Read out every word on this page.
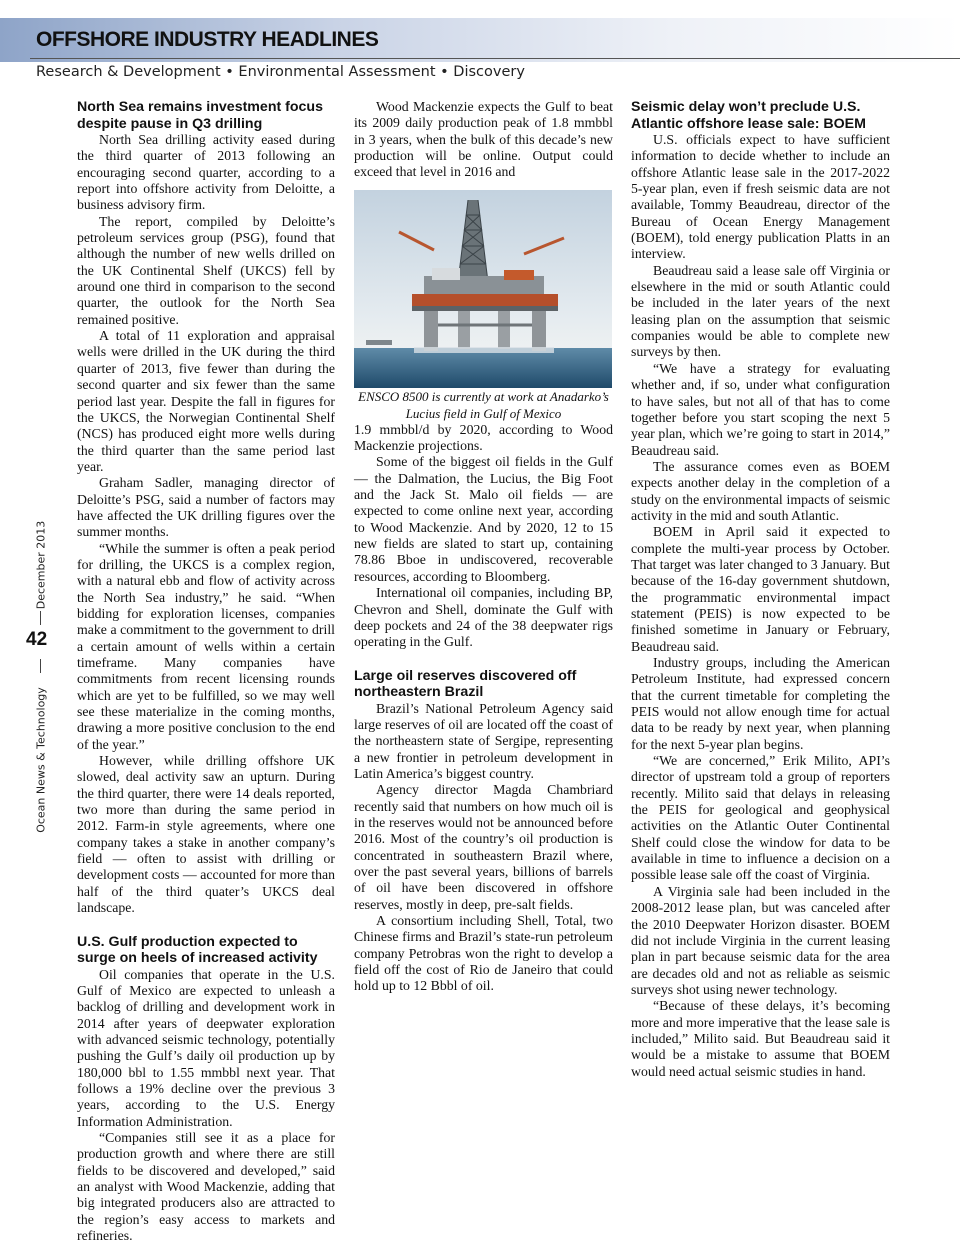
OFFSHORE INDUSTRY HEADLINES
Research & Development • Environmental Assessment • Discovery
December 2013
42
Ocean News & Technology
North Sea remains investment focus despite pause in Q3 drilling

North Sea drilling activity eased during the third quarter of 2013 following an encouraging second quarter, according to a report into offshore activity from Deloitte, a business advisory firm.

The report, compiled by Deloitte’s petroleum services group (PSG), found that although the number of new wells drilled on the UK Continental Shelf (UKCS) fell by around one third in comparison to the second quarter, the outlook for the North Sea remained positive.

A total of 11 exploration and appraisal wells were drilled in the UK during the third quarter of 2013, five fewer than during the second quarter and six fewer than the same period last year. Despite the fall in figures for the UKCS, the Norwegian Continental Shelf (NCS) has produced eight more wells during the third quarter than the same period last year.

Graham Sadler, managing director of Deloitte’s PSG, said a number of factors may have affected the UK drilling figures over the summer months.

“While the summer is often a peak period for drilling, the UKCS is a complex region, with a natural ebb and flow of activity across the North Sea industry,” he said. “When bidding for exploration licenses, companies make a commitment to the government to drill a certain amount of wells within a certain timeframe. Many companies have commitments from recent licensing rounds which are yet to be fulfilled, so we may well see these materialize in the coming months, drawing a more positive conclusion to the end of the year.”

However, while drilling offshore UK slowed, deal activity saw an upturn. During the third quarter, there were 14 deals reported, two more than during the same period in 2012. Farm-in style agreements, where one company takes a stake in another company’s field — often to assist with drilling or development costs — accounted for more than half of the third quater’s UKCS deal landscape.

U.S. Gulf production expected to surge on heels of increased activity

Oil companies that operate in the U.S. Gulf of Mexico are expected to unleash a backlog of drilling and development work in 2014 after years of deepwater exploration with advanced seismic technology, potentially pushing the Gulf’s daily oil production up by 180,000 bbl to 1.55 mmbbl next year. That follows a 19% decline over the previous 3 years, according to the U.S. Energy Information Administration.

“Companies still see it as a place for production growth and where there are still fields to be discovered and developed,” said an analyst with Wood Mackenzie, adding that big integrated producers also are attracted to the region’s easy access to markets and refineries.

Wood Mackenzie expects the Gulf to beat its 2009 daily production peak of 1.8 mmbbl in 3 years, when the bulk of this decade’s new production will be online. Output could exceed that level in 2016 and

ENSCO 8500 is currently at work at Anadarko’s Lucius field in Gulf of Mexico

1.9 mmbbl/d by 2020, according to Wood Mackenzie projections.

Some of the biggest oil fields in the Gulf — the Dalmation, the Lucius, the Big Foot and the Jack St. Malo oil fields — are expected to come online next year, according to Wood Mackenzie. And by 2020, 12 to 15 new fields are slated to start up, containing 78.86 Bboe in undiscovered, recoverable resources, according to Bloomberg.

International oil companies, including BP, Chevron and Shell, dominate the Gulf with deep pockets and 24 of the 38 deepwater rigs operating in the Gulf.

Large oil reserves discovered off northeastern Brazil

Brazil’s National Petroleum Agency said large reserves of oil are located off the coast of the northeastern state of Sergipe, representing a new frontier in petroleum development in Latin America’s biggest country.

Agency director Magda Chambriard recently said that numbers on how much oil is in the reserves would not be announced before 2016. Most of the country’s oil production is concentrated in southeastern Brazil where, over the past several years, billions of barrels of oil have been discovered in offshore reserves, mostly in deep, pre-salt fields.

A consortium including Shell, Total, two Chinese firms and Brazil’s state-run petroleum company Petrobras won the right to develop a field off the cost of Rio de Janeiro that could hold up to 12 Bbbl of oil.

Seismic delay won’t preclude U.S. Atlantic offshore lease sale: BOEM

U.S. officials expect to have sufficient information to decide whether to include an offshore Atlantic lease sale in the 2017-2022 5-year plan, even if fresh seismic data are not available, Tommy Beaudreau, director of the Bureau of Ocean Energy Management (BOEM), told energy publication Platts in an interview.

Beaudreau said a lease sale off Virginia or elsewhere in the mid or south Atlantic could be included in the later years of the next leasing plan on the assumption that seismic companies would be able to complete new surveys by then.

“We have a strategy for evaluating whether and, if so, under what configuration to have sales, but not all of that has to come together before you start scoping the next 5 year plan, which we’re going to start in 2014,” Beaudreau said.

The assurance comes even as BOEM expects another delay in the completion of a study on the environmental impacts of seismic activity in the mid and south Atlantic.

BOEM in April said it expected to complete the multi-year process by October. That target was later changed to 3 January. But because of the 16-day government shutdown, the programmatic environmental impact statement (PEIS) is now expected to be finished sometime in January or February, Beaudreau said.

Industry groups, including the American Petroleum Institute, had expressed concern that the current timetable for completing the PEIS would not allow enough time for actual data to be ready by next year, when planning for the next 5-year plan begins.

“We are concerned,” Erik Milito, API’s director of upstream told a group of reporters recently. Milito said that delays in releasing the PEIS for geological and geophysical activities on the Atlantic Outer Continental Shelf could close the window for data to be available in time to influence a decision on a possible lease sale off the coast of Virginia.

A Virginia sale had been included in the 2008-2012 lease plan, but was canceled after the 2010 Deepwater Horizon disaster. BOEM did not include Virginia in the current leasing plan in part because seismic data for the area are decades old and not as reliable as seismic surveys shot using newer technology.

“Because of these delays, it’s becoming more and more imperative that the lease sale is included,” Milito said. But Beaudreau said it would be a mistake to assume that BOEM would need actual seismic studies in hand.
